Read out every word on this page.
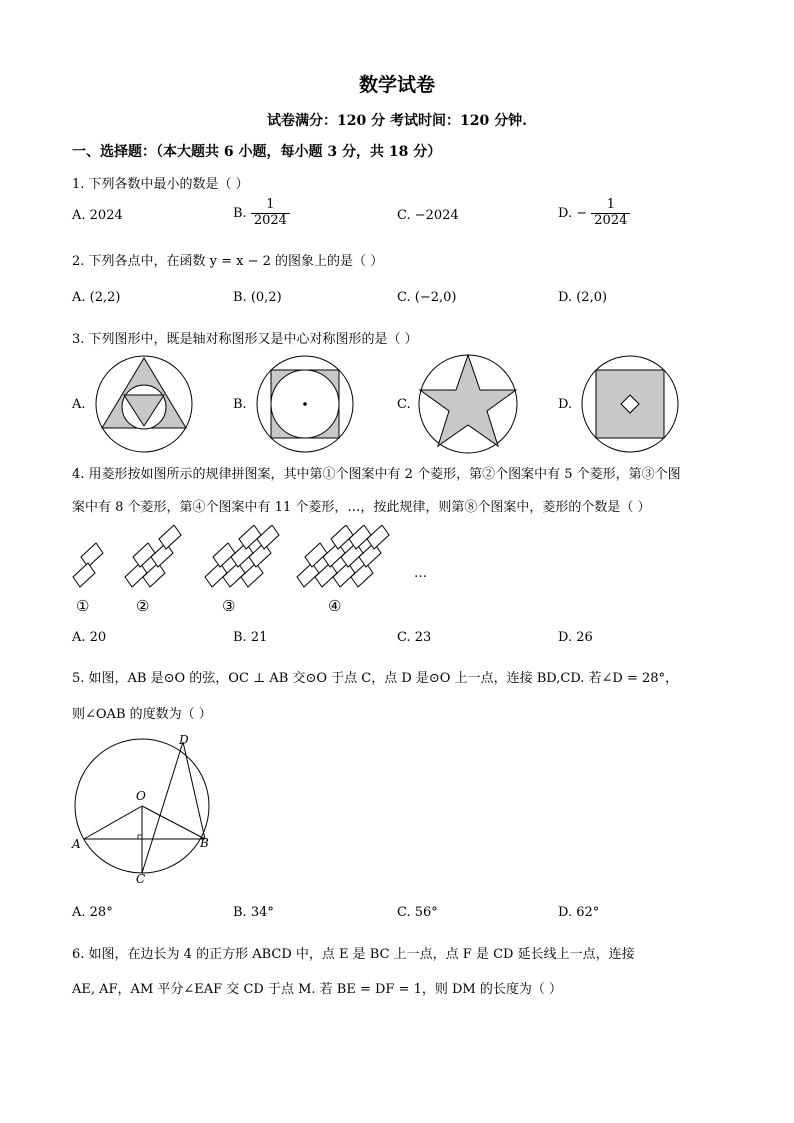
数学试卷
试卷满分：120 分 考试时间：120 分钟.
一、选择题：（本大题共 6 小题，每小题 3 分，共 18 分）
1. 下列各数中最小的数是（ ）
A. 2024	B. $\frac{1}{2024}$	C. −2024	D. − $\frac{1}{2024}$
2. 下列各点中，在函数 y = x − 2 的图象上的是（ ）
A. (2,2)	B. (0,2)	C. (−2,0)	D. (2,0)
3. 下列图形中，既是轴对称图形又是中心对称图形的是（ ）
A.	B.	C.	D.
4. 用菱形按如图所示的规律拼图案，其中第①个图案中有 2 个菱形，第②个图案中有 5 个菱形，第③个图
案中有 8 个菱形，第④个图案中有 11 个菱形，…，按此规律，则第⑧个图案中，菱形的个数是（ ）
①	②	③	④
…
A. 20	B. 21	C. 23	D. 26
5. 如图，AB 是⊙O 的弦，OC ⊥ AB 交⊙O 于点 C，点 D 是⊙O 上一点，连接 BD,CD. 若∠D = 28°，
则∠OAB 的度数为（ ）
D
O
A	B
C
A. 28°	B. 34°	C. 56°	D. 62°
6. 如图，在边长为 4 的正方形 ABCD 中，点 E 是 BC 上一点，点 F 是 CD 延长线上一点，连接
AE, AF，AM 平分∠EAF 交 CD 于点 M. 若 BE = DF = 1，则 DM 的长度为（ ）
